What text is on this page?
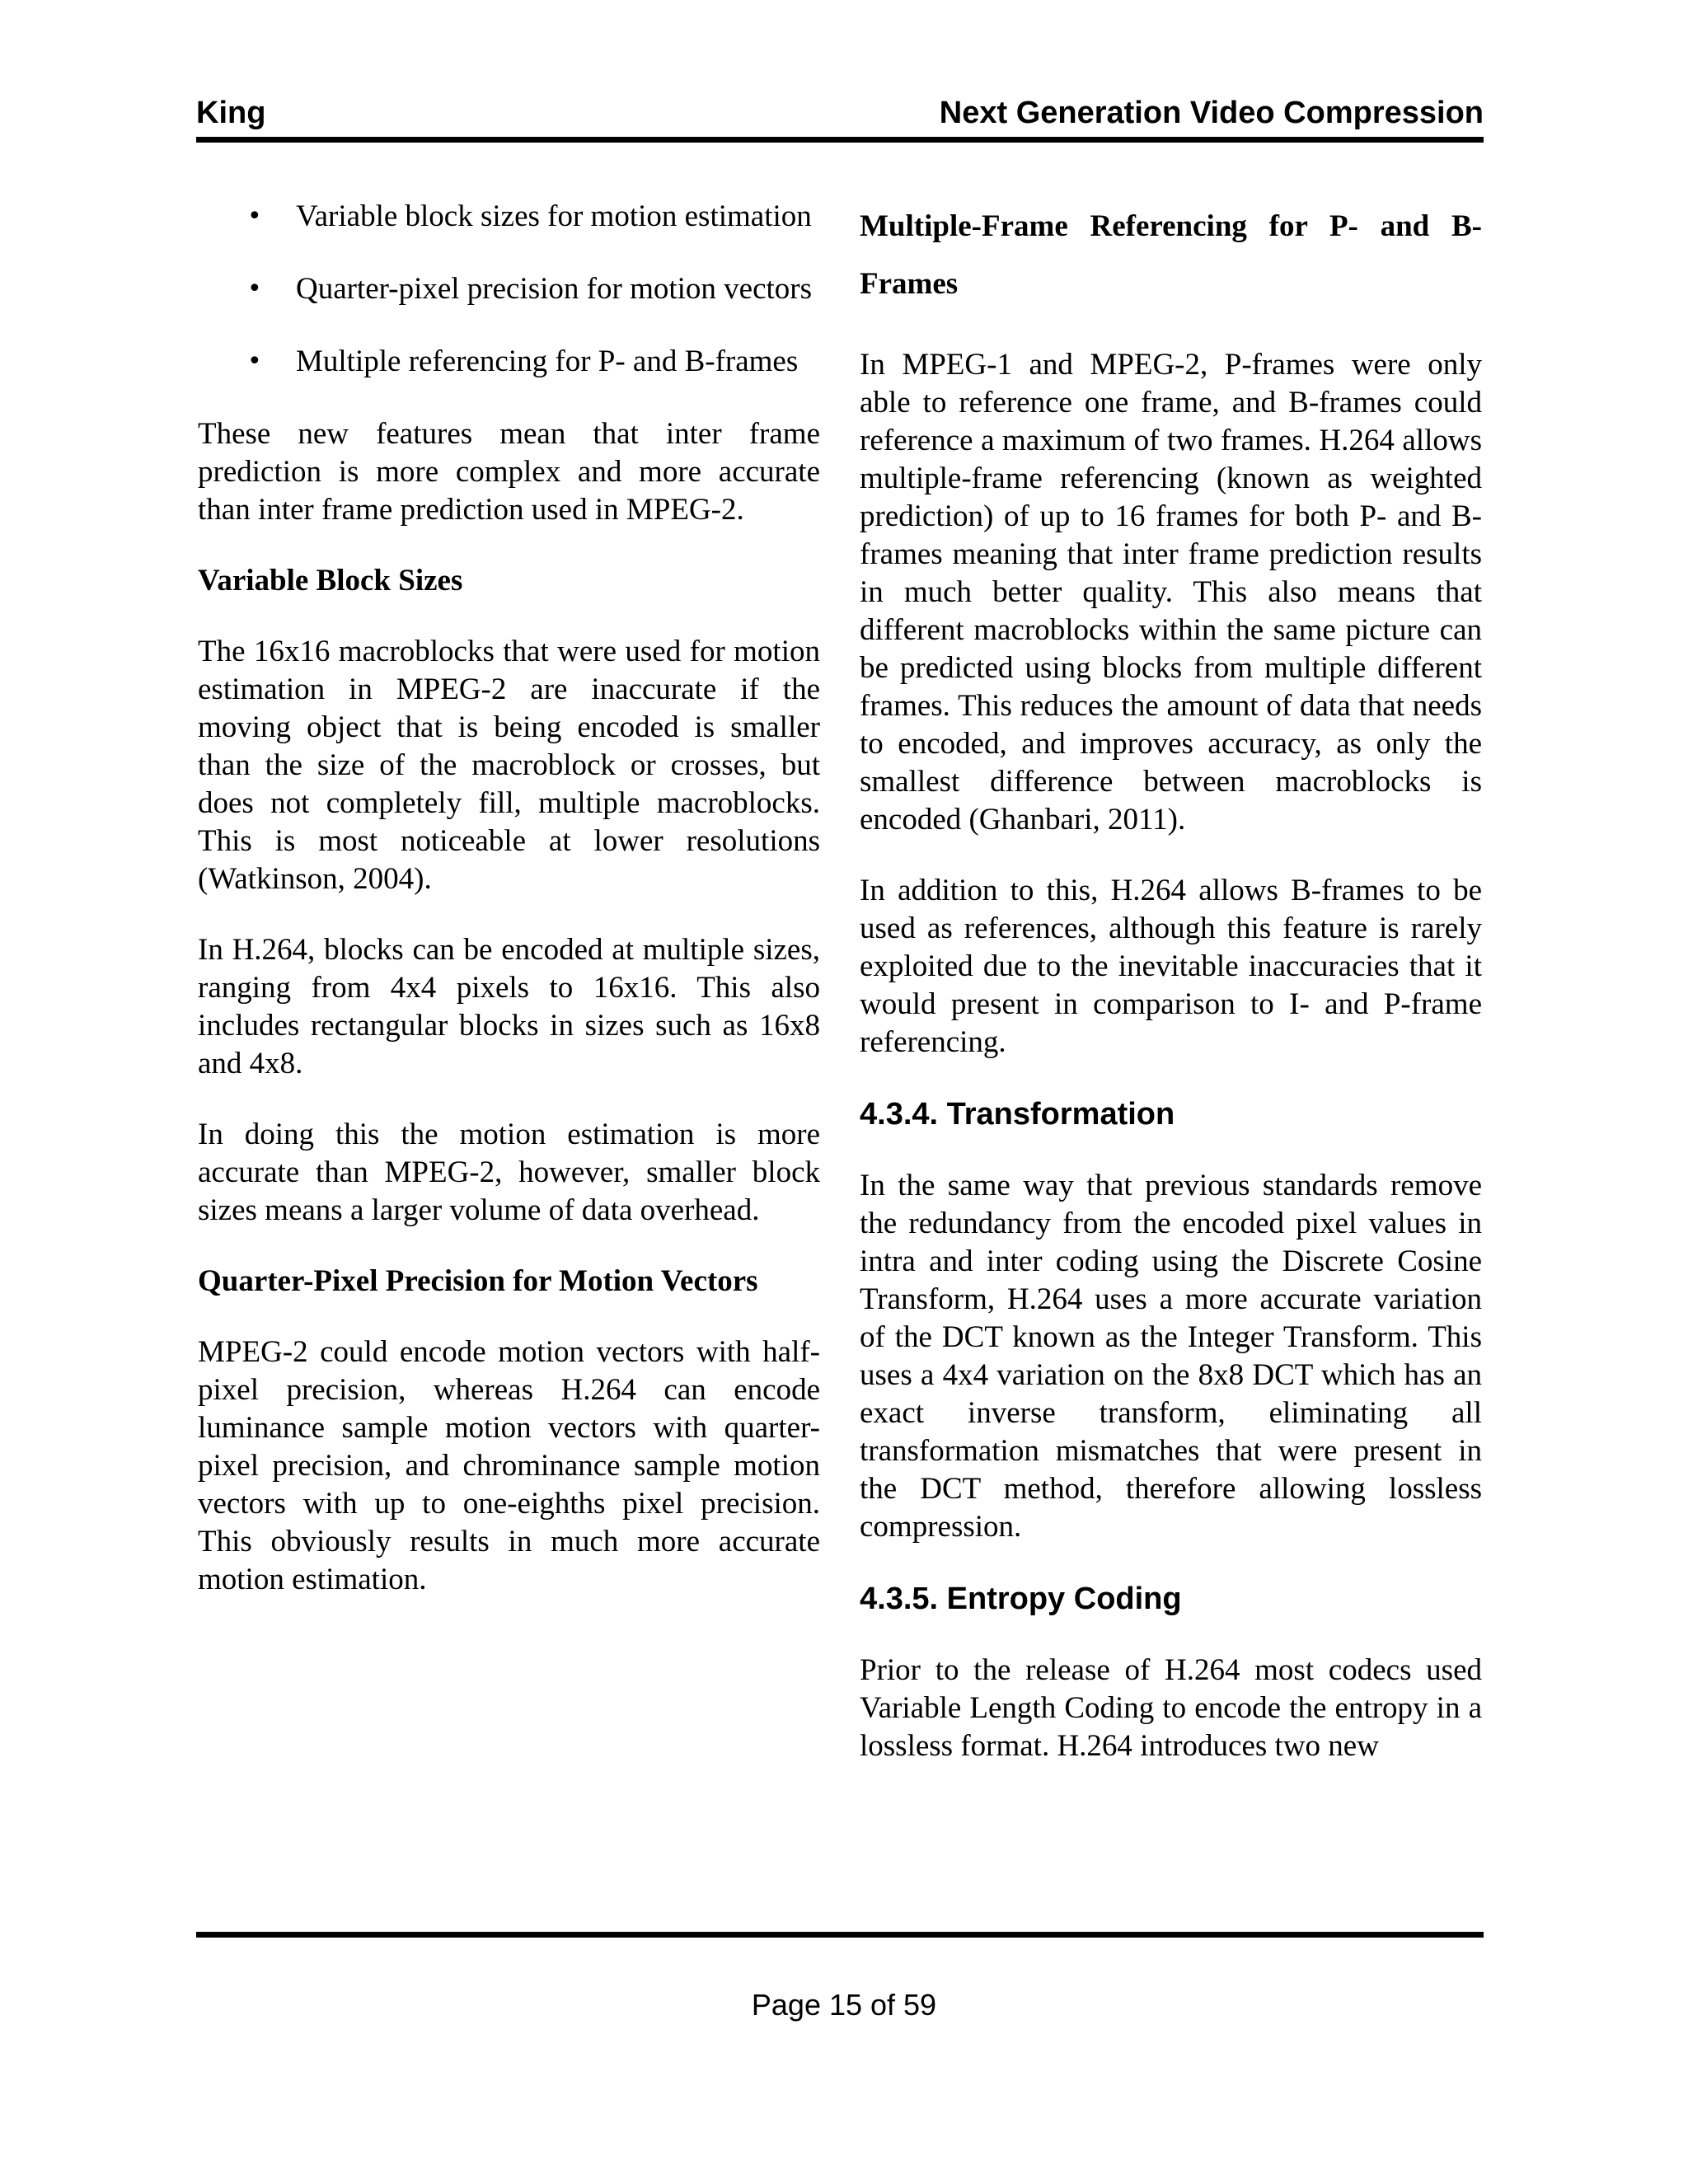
King	Next Generation Video Compression
• Variable block sizes for motion estimation
• Quarter-pixel precision for motion vectors
• Multiple referencing for P- and B-frames

These new features mean that inter frame prediction is more complex and more accurate than inter frame prediction used in MPEG-2.

Variable Block Sizes

The 16x16 macroblocks that were used for motion estimation in MPEG-2 are inaccurate if the moving object that is being encoded is smaller than the size of the macroblock or crosses, but does not completely fill, multiple macroblocks. This is most noticeable at lower resolutions (Watkinson, 2004).

In H.264, blocks can be encoded at multiple sizes, ranging from 4x4 pixels to 16x16. This also includes rectangular blocks in sizes such as 16x8 and 4x8.

In doing this the motion estimation is more accurate than MPEG-2, however, smaller block sizes means a larger volume of data overhead.

Quarter-Pixel Precision for Motion Vectors

MPEG-2 could encode motion vectors with half-pixel precision, whereas H.264 can encode luminance sample motion vectors with quarter-pixel precision, and chrominance sample motion vectors with up to one-eighths pixel precision. This obviously results in much more accurate motion estimation.

Multiple-Frame Referencing for P- and B-Frames

In MPEG-1 and MPEG-2, P-frames were only able to reference one frame, and B-frames could reference a maximum of two frames. H.264 allows multiple-frame referencing (known as weighted prediction) of up to 16 frames for both P- and B-frames meaning that inter frame prediction results in much better quality. This also means that different macroblocks within the same picture can be predicted using blocks from multiple different frames. This reduces the amount of data that needs to encoded, and improves accuracy, as only the smallest difference between macroblocks is encoded (Ghanbari, 2011).

In addition to this, H.264 allows B-frames to be used as references, although this feature is rarely exploited due to the inevitable inaccuracies that it would present in comparison to I- and P-frame referencing.

4.3.4. Transformation

In the same way that previous standards remove the redundancy from the encoded pixel values in intra and inter coding using the Discrete Cosine Transform, H.264 uses a more accurate variation of the DCT known as the Integer Transform. This uses a 4x4 variation on the 8x8 DCT which has an exact inverse transform, eliminating all transformation mismatches that were present in the DCT method, therefore allowing lossless compression.

4.3.5. Entropy Coding

Prior to the release of H.264 most codecs used Variable Length Coding to encode the entropy in a lossless format. H.264 introduces two new

Page 15 of 59
